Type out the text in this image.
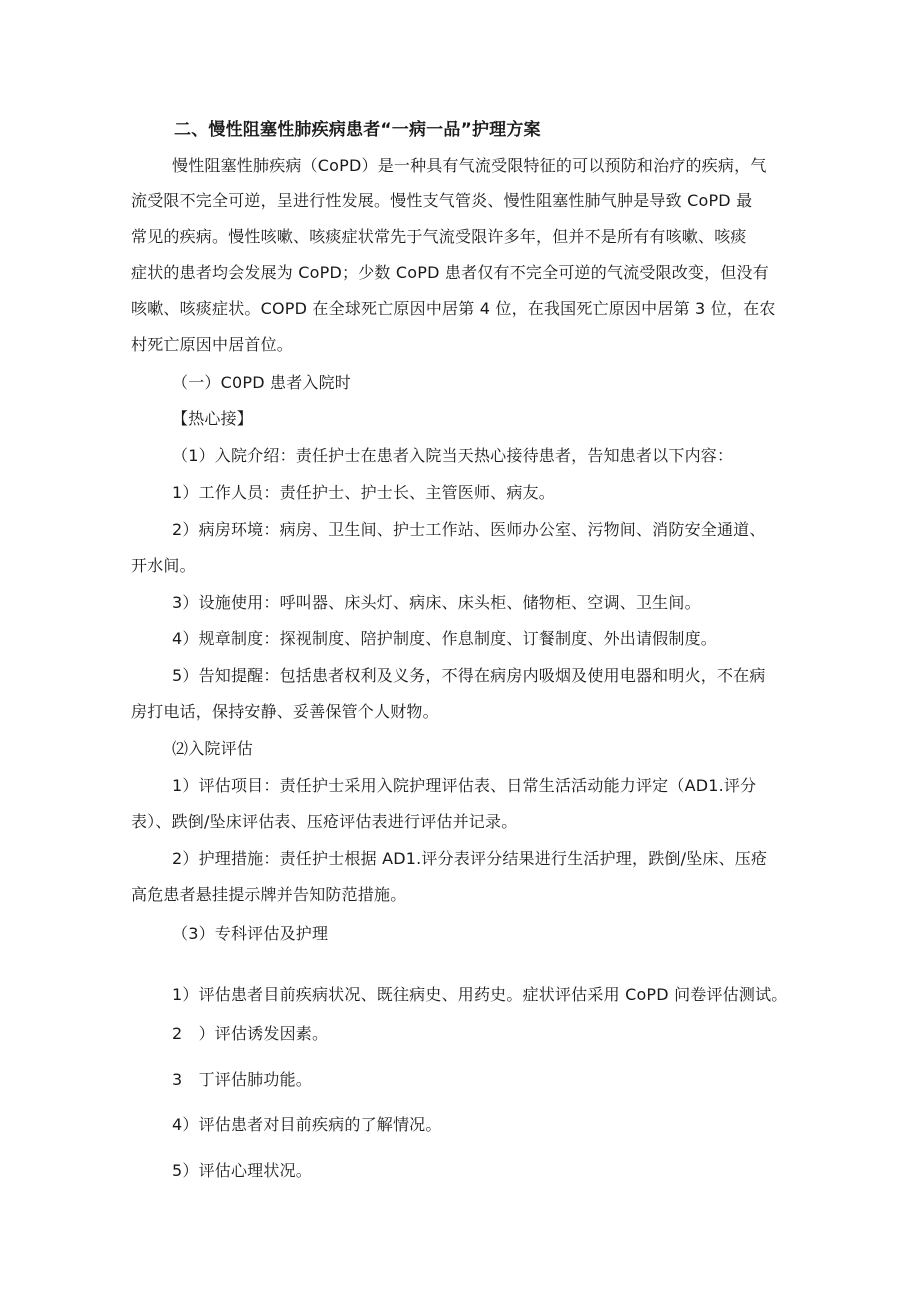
二、慢性阻塞性肺疾病患者“一病一品”护理方案
慢性阻塞性肺疾病（CoPD）是一种具有气流受限特征的可以预防和治疗的疾病，气
流受限不完全可逆，呈进行性发展。慢性支气管炎、慢性阻塞性肺气肿是导致 CoPD 最
常见的疾病。慢性咳嗽、咳痰症状常先于气流受限许多年，但并不是所有有咳嗽、咳痰
症状的患者均会发展为 CoPD；少数 CoPD 患者仅有不完全可逆的气流受限改变，但没有
咳嗽、咳痰症状。COPD 在全球死亡原因中居第 4 位，在我国死亡原因中居第 3 位，在农
村死亡原因中居首位。
（一）C0PD 患者入院时
【热心接】
（1）入院介绍：责任护士在患者入院当天热心接待患者，告知患者以下内容：
1）工作人员：责任护士、护士长、主管医师、病友。
2）病房环境：病房、卫生间、护士工作站、医师办公室、污物间、消防安全通道、
开水间。
3）设施使用：呼叫器、床头灯、病床、床头柜、储物柜、空调、卫生间。
4）规章制度：探视制度、陪护制度、作息制度、订餐制度、外出请假制度。
5）告知提醒：包括患者权利及义务，不得在病房内吸烟及使用电器和明火，不在病
房打电话，保持安静、妥善保管个人财物。
⑵入院评估
1）评估项目：责任护士采用入院护理评估表、日常生活活动能力评定（AD1.评分
表）、跌倒/坠床评估表、压疮评估表进行评估并记录。
2）护理措施：责任护士根据 AD1.评分表评分结果进行生活护理，跌倒/坠床、压疮
高危患者悬挂提示牌并告知防范措施。
（3）专科评估及护理
1）评估患者目前疾病状况、既往病史、用药史。症状评估采用 CoPD 问卷评估测试。
2　）评估诱发因素。
3　丁评估肺功能。
4）评估患者对目前疾病的了解情况。
5）评估心理状况。
